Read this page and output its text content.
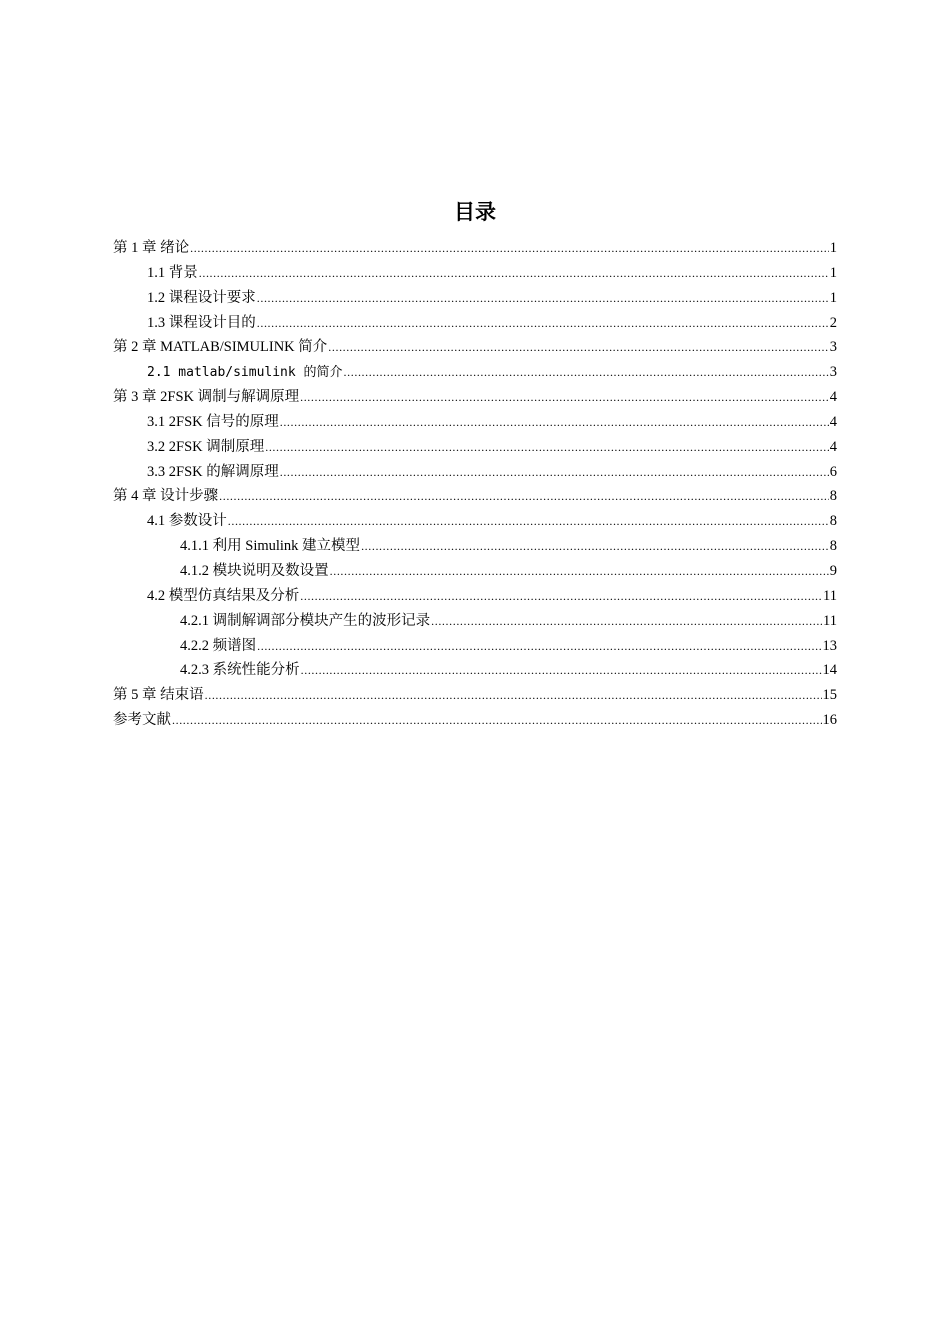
目录
第 1 章 绪论 .....	1
1.1 背景 .....	1
1.2 课程设计要求 .....	1
1.3 课程设计目的 .....	2
第 2 章 MATLAB/SIMULINK 简介 .....	3
2.1 matlab/simulink 的简介 .....	3
第 3 章 2FSK 调制与解调原理 .....	4
3.1 2FSK 信号的原理 .....	4
3.2 2FSK 调制原理 .....	4
3.3 2FSK 的解调原理 .....	6
第 4 章 设计步骤 .....	8
4.1 参数设计 .....	8
4.1.1 利用 Simulink 建立模型 .....	8
4.1.2 模块说明及数设置 .....	9
4.2 模型仿真结果及分析 .....	11
4.2.1 调制解调部分模块产生的波形记录 .....	11
4.2.2 频谱图 .....	13
4.2.3 系统性能分析 .....	14
第 5 章 结束语 .....	15
参考文献 .....	16
